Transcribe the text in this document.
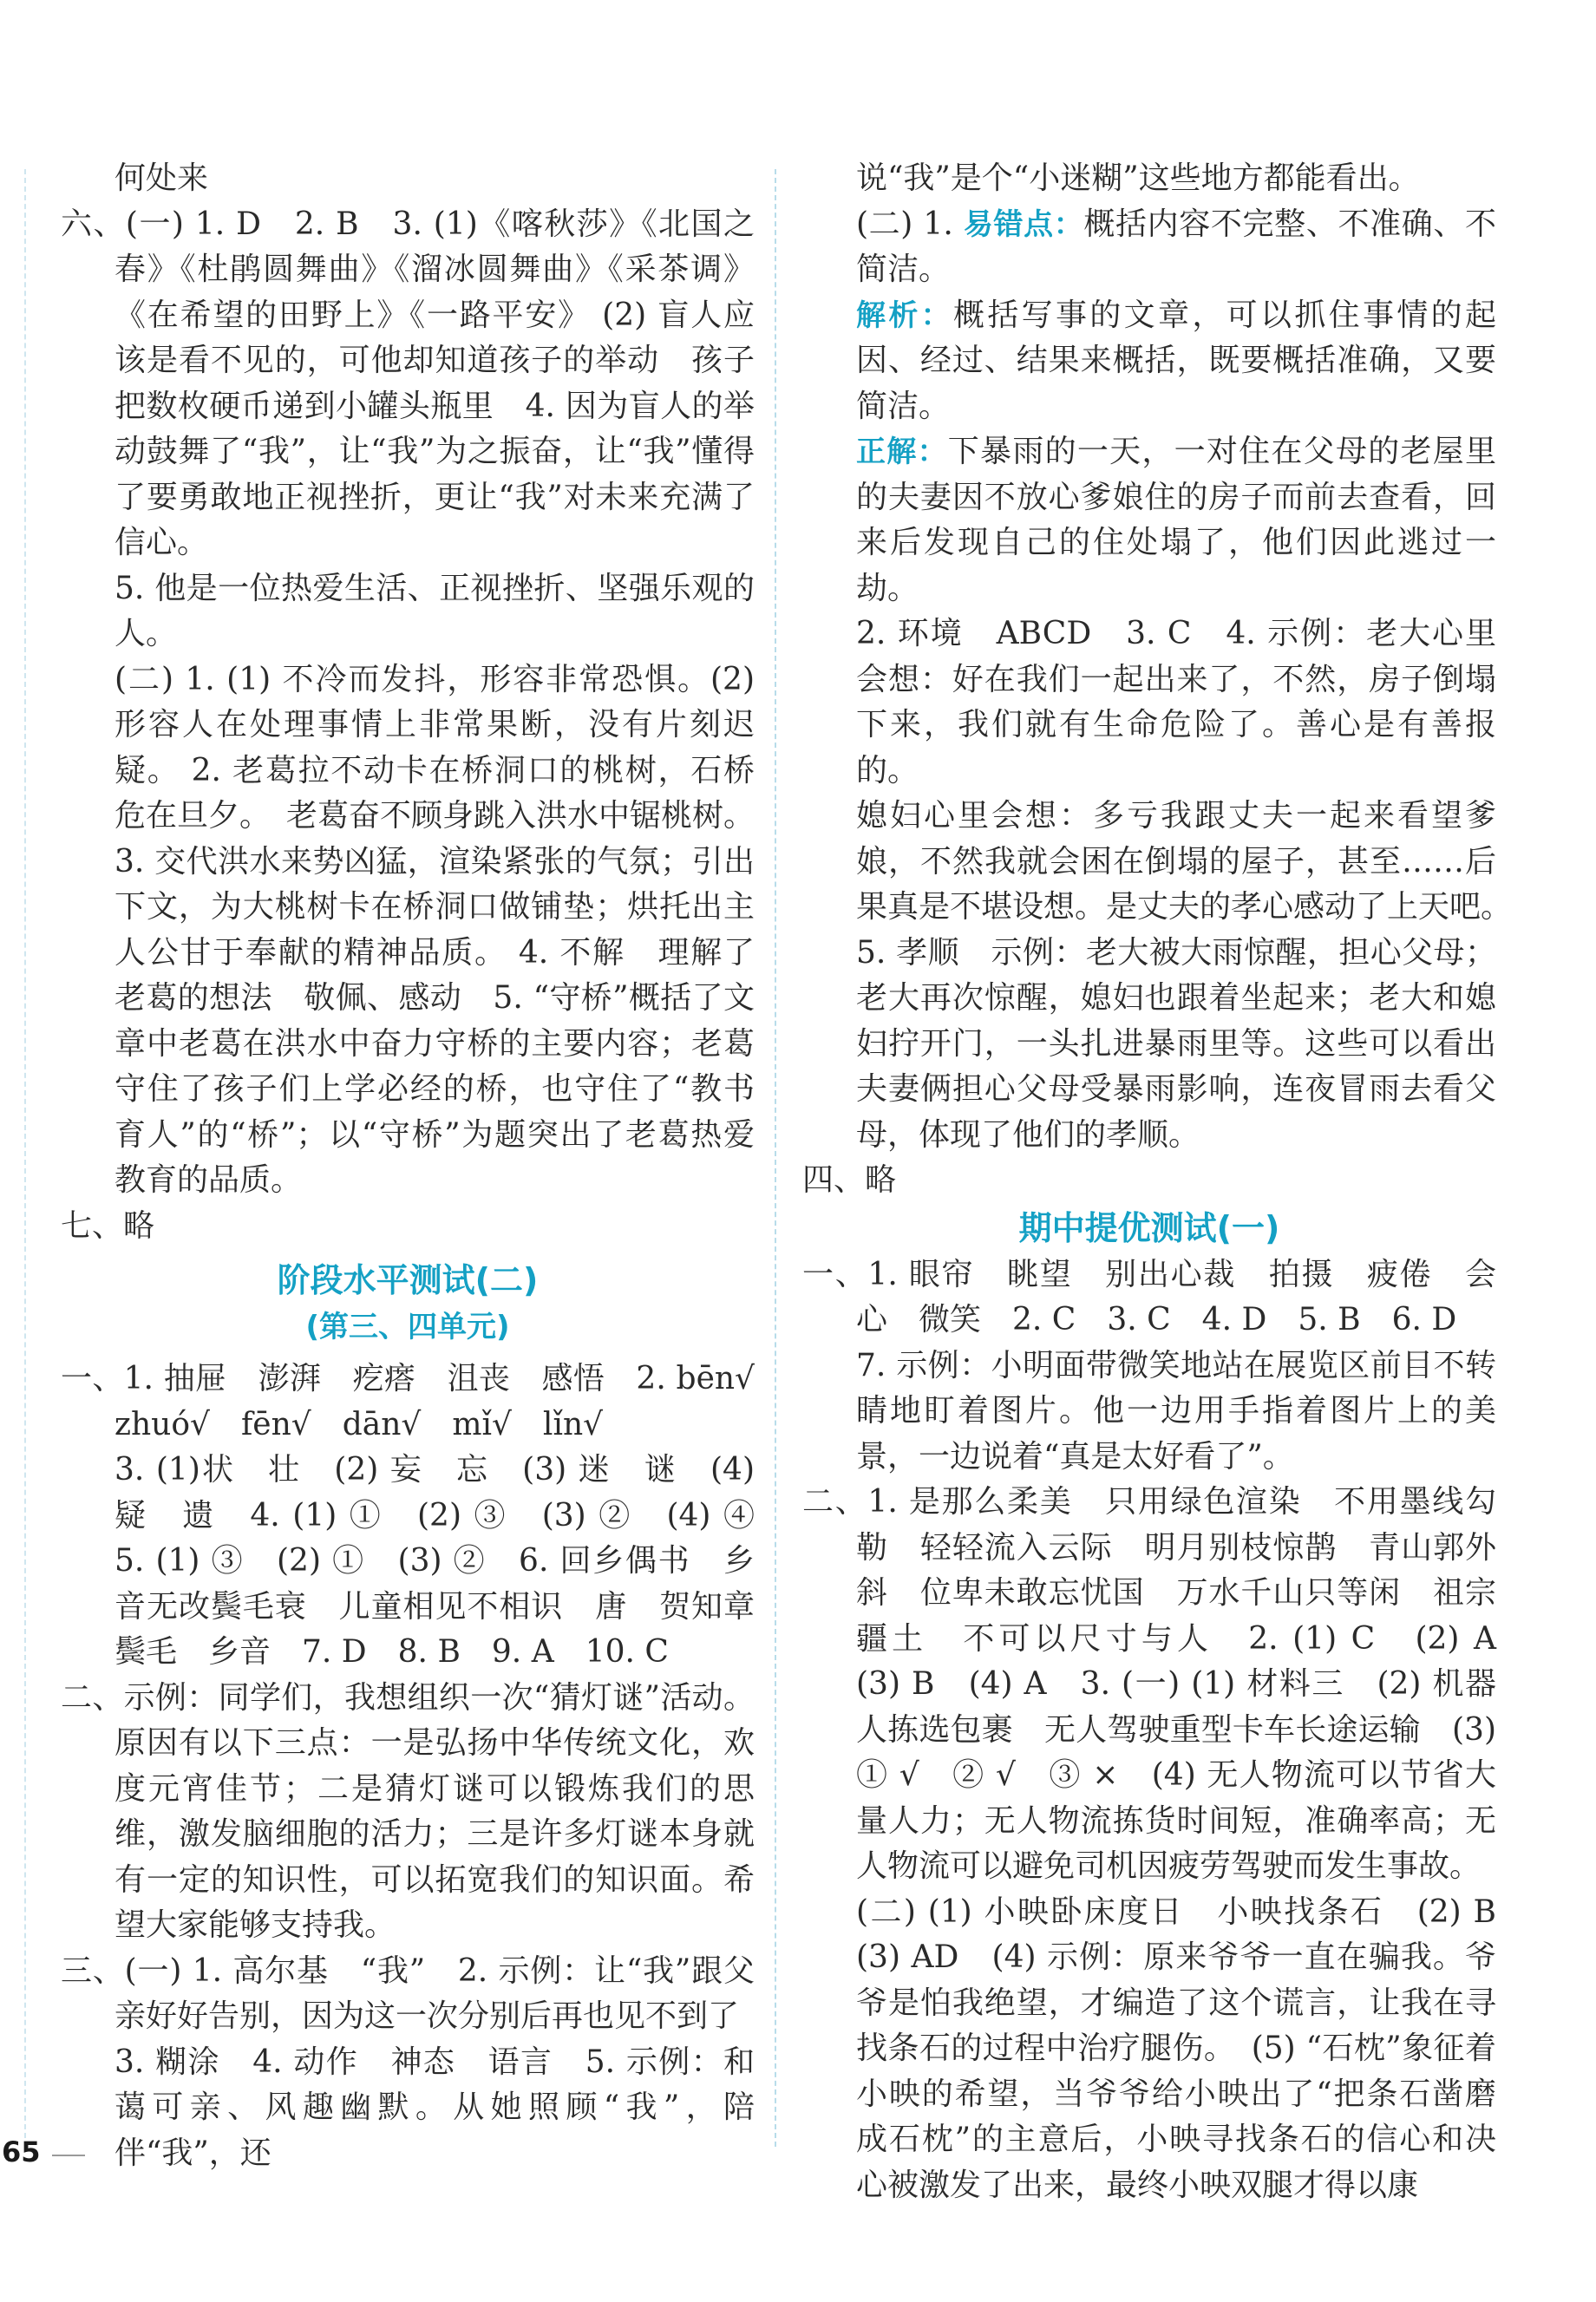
何处来

六、(一) 1. D　2. B　3. (1)《喀秋莎》《北国之春》《杜鹃圆舞曲》《溜冰圆舞曲》《采茶调》《在希望的田野上》《一路平安》 (2) 盲人应该是看不见的，可他却知道孩子的举动　孩子把数枚硬币递到小罐头瓶里　4. 因为盲人的举动鼓舞了“我”，让“我”为之振奋，让“我”懂得了要勇敢地正视挫折，更让“我”对未来充满了信心。

5. 他是一位热爱生活、正视挫折、坚强乐观的人。

(二) 1. (1) 不冷而发抖，形容非常恐惧。(2) 形容人在处理事情上非常果断，没有片刻迟疑。 2. 老葛拉不动卡在桥洞口的桃树，石桥危在旦夕。　老葛奋不顾身跳入洪水中锯桃树。 3. 交代洪水来势凶猛，渲染紧张的气氛；引出下文，为大桃树卡在桥洞口做铺垫；烘托出主人公甘于奉献的精神品质。 4. 不解　理解了老葛的想法　敬佩、感动　5. “守桥”概括了文章中老葛在洪水中奋力守桥的主要内容；老葛守住了孩子们上学必经的桥，也守住了“教书育人”的“桥”；以“守桥”为题突出了老葛热爱教育的品质。

七、略

阶段水平测试(二)

(第三、四单元)

一、1. 抽屉　澎湃　疙瘩　沮丧　感悟　2. bēn√ zhuó√　fēn√　dān√　mǐ√　lǐn√

3. (1)状　壮　(2) 妄　忘　(3) 迷　谜　(4) 疑　遗　4. (1) ①　(2) ③　(3) ②　(4) ④　5. (1) ③　(2) ①　(3) ②　6. 回乡偶书　乡音无改鬓毛衰　儿童相见不相识　唐　贺知章　鬓毛　乡音　7. D　8. B　9. A　10. C

二、示例：同学们，我想组织一次“猜灯谜”活动。原因有以下三点：一是弘扬中华传统文化，欢度元宵佳节；二是猜灯谜可以锻炼我们的思维，激发脑细胞的活力；三是许多灯谜本身就有一定的知识性，可以拓宽我们的知识面。希望大家能够支持我。

三、(一) 1. 高尔基　“我”　2. 示例：让“我”跟父亲好好告别，因为这一次分别后再也见不到了

3. 糊涂　4. 动作　神态　语言　5. 示例：和蔼可亲、风趣幽默。从她照顾“我”，陪伴“我”，还

说“我”是个“小迷糊”这些地方都能看出。

(二) 1. 易错点：概括内容不完整、不准确、不简洁。

解析：概括写事的文章，可以抓住事情的起因、经过、结果来概括，既要概括准确，又要简洁。

正解：下暴雨的一天，一对住在父母的老屋里的夫妻因不放心爹娘住的房子而前去查看，回来后发现自己的住处塌了，他们因此逃过一劫。

2. 环境　ABCD　3. C　4. 示例：老大心里会想：好在我们一起出来了，不然，房子倒塌下来，我们就有生命危险了。善心是有善报的。

媳妇心里会想：多亏我跟丈夫一起来看望爹娘，不然我就会困在倒塌的屋子，甚至……后果真是不堪设想。是丈夫的孝心感动了上天吧。　5. 孝顺　示例：老大被大雨惊醒，担心父母；老大再次惊醒，媳妇也跟着坐起来；老大和媳妇拧开门，一头扎进暴雨里等。这些可以看出夫妻俩担心父母受暴雨影响，连夜冒雨去看父母，体现了他们的孝顺。

四、略

期中提优测试(一)

一、1. 眼帘　眺望　别出心裁　拍摄　疲倦　会心　微笑　2. C　3. C　4. D　5. B　6. D

7. 示例：小明面带微笑地站在展览区前目不转睛地盯着图片。他一边用手指着图片上的美景，一边说着“真是太好看了”。

二、1. 是那么柔美　只用绿色渲染　不用墨线勾勒　轻轻流入云际　明月别枝惊鹊　青山郭外斜　位卑未敢忘忧国　万水千山只等闲　祖宗疆土　不可以尺寸与人　2. (1) C　(2) A　(3) B　(4) A　3. (一) (1) 材料三　(2) 机器人拣选包裹　无人驾驶重型卡车长途运输　(3) ① √　② √　③ ×　(4) 无人物流可以节省大量人力；无人物流拣货时间短，准确率高；无人物流可以避免司机因疲劳驾驶而发生事故。

(二) (1) 小映卧床度日　小映找条石　(2) B　(3) AD　(4) 示例：原来爷爷一直在骗我。爷爷是怕我绝望，才编造了这个谎言，让我在寻找条石的过程中治疗腿伤。　(5) “石枕”象征着小映的希望，当爷爷给小映出了“把条石凿磨成石枕”的主意后，小映寻找条石的信心和决心被激发了出来，最终小映双腿才得以康

65
